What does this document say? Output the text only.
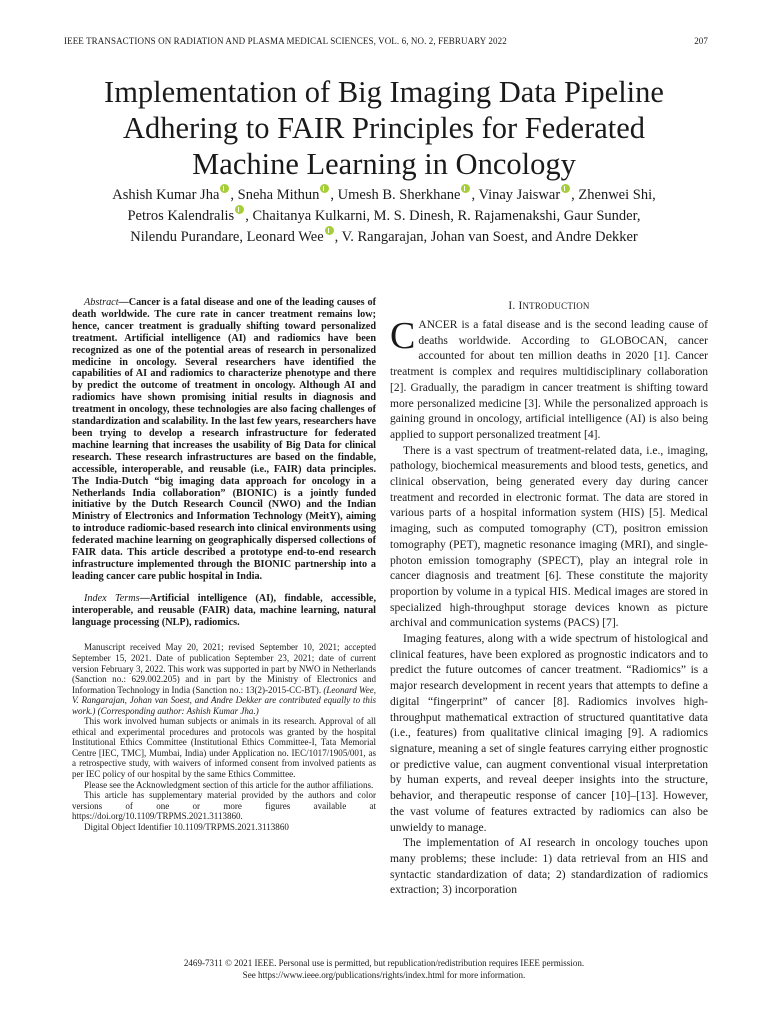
IEEE TRANSACTIONS ON RADIATION AND PLASMA MEDICAL SCIENCES, VOL. 6, NO. 2, FEBRUARY 2022	207
Implementation of Big Imaging Data Pipeline
Adhering to FAIR Principles for Federated
Machine Learning in Oncology
Ashish Kumar Jha , Sneha Mithun , Umesh B. Sherkhane , Vinay Jaiswar , Zhenwei Shi,
Petros Kalendralis , Chaitanya Kulkarni, M. S. Dinesh, R. Rajamenakshi, Gaur Sunder,
Nilendu Purandare, Leonard Wee , V. Rangarajan, Johan van Soest, and Andre Dekker

Abstract—Cancer is a fatal disease and one of the leading causes of death worldwide. The cure rate in cancer treatment remains low; hence, cancer treatment is gradually shifting toward personalized treatment. Artificial intelligence (AI) and radiomics have been recognized as one of the potential areas of research in personalized medicine in oncology. Several researchers have identified the capabilities of AI and radiomics to characterize phenotype and there by predict the outcome of treatment in oncology. Although AI and radiomics have shown promising initial results in diagnosis and treatment in oncology, these technologies are also facing challenges of standardization and scalability. In the last few years, researchers have been trying to develop a research infrastructure for federated machine learning that increases the usability of Big Data for clinical research. These research infrastructures are based on the findable, accessible, interoperable, and reusable (i.e., FAIR) data principles. The India-Dutch “big imaging data approach for oncology in a Netherlands India collaboration” (BIONIC) is a jointly funded initiative by the Dutch Research Council (NWO) and the Indian Ministry of Electronics and Information Technology (MeitY), aiming to introduce radiomic-based research into clinical environments using federated machine learning on geographically dispersed collections of FAIR data. This article described a prototype end-to-end research infrastructure implemented through the BIONIC partnership into a leading cancer care public hospital in India.

Index Terms—Artificial intelligence (AI), findable, accessible, interoperable, and reusable (FAIR) data, machine learning, natural language processing (NLP), radiomics.

Manuscript received May 20, 2021; revised September 10, 2021; accepted September 15, 2021. Date of publication September 23, 2021; date of current version February 3, 2022. This work was supported in part by NWO in Netherlands (Sanction no.: 629.002.205) and in part by the Ministry of Electronics and Information Technology in India (Sanction no.: 13(2)-2015-CC-BT). (Leonard Wee, V. Rangarajan, Johan van Soest, and Andre Dekker are contributed equally to this work.) (Corresponding author: Ashish Kumar Jha.)

This work involved human subjects or animals in its research. Approval of all ethical and experimental procedures and protocols was granted by the hospital Institutional Ethics Committee (Institutional Ethics Committee-I, Tata Memorial Centre [IEC, TMC], Mumbai, India) under Application no. IEC/1017/1905/001, as a retrospective study, with waivers of informed consent from involved patients as per IEC policy of our hospital by the same Ethics Committee.

Please see the Acknowledgment section of this article for the author affiliations.

This article has supplementary material provided by the authors and color versions of one or more figures available at https://doi.org/10.1109/TRPMS.2021.3113860.

Digital Object Identifier 10.1109/TRPMS.2021.3113860

I. INTRODUCTION

CANCER is a fatal disease and is the second leading cause of deaths worldwide. According to GLOBOCAN, cancer accounted for about ten million deaths in 2020 [1]. Cancer treatment is complex and requires multidisciplinary collaboration [2]. Gradually, the paradigm in cancer treatment is shifting toward more personalized medicine [3]. While the personalized approach is gaining ground in oncology, artificial intelligence (AI) is also being applied to support personalized treatment [4].

There is a vast spectrum of treatment-related data, i.e., imaging, pathology, biochemical measurements and blood tests, genetics, and clinical observation, being generated every day during cancer treatment and recorded in electronic format. The data are stored in various parts of a hospital information system (HIS) [5]. Medical imaging, such as computed tomography (CT), positron emission tomography (PET), magnetic resonance imaging (MRI), and single-photon emission tomography (SPECT), play an integral role in cancer diagnosis and treatment [6]. These constitute the majority proportion by volume in a typical HIS. Medical images are stored in specialized high-throughput storage devices known as picture archival and communication systems (PACS) [7].

Imaging features, along with a wide spectrum of histological and clinical features, have been explored as prognostic indicators and to predict the future outcomes of cancer treatment. “Radiomics” is a major research development in recent years that attempts to define a digital “fingerprint” of cancer [8]. Radiomics involves high-throughput mathematical extraction of structured quantitative data (i.e., features) from qualitative clinical imaging [9]. A radiomics signature, meaning a set of single features carrying either prognostic or predictive value, can augment conventional visual interpretation by human experts, and reveal deeper insights into the structure, behavior, and therapeutic response of cancer [10]–[13]. However, the vast volume of features extracted by radiomics can also be unwieldy to manage.

The implementation of AI research in oncology touches upon many problems; these include: 1) data retrieval from an HIS and syntactic standardization of data; 2) standardization of radiomics extraction; 3) incorporation

2469-7311 © 2021 IEEE. Personal use is permitted, but republication/redistribution requires IEEE permission.
See https://www.ieee.org/publications/rights/index.html for more information.
